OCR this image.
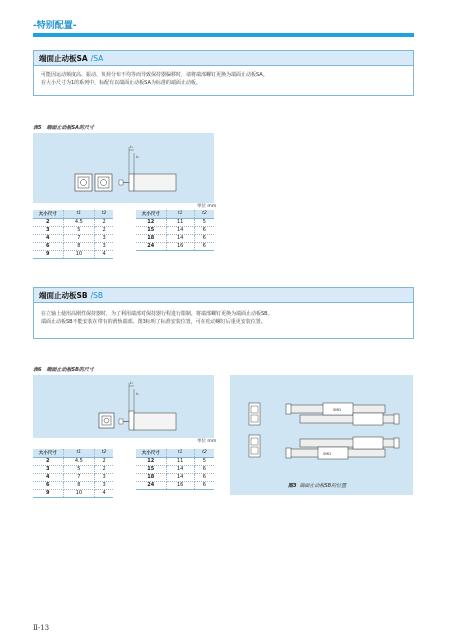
-特别配置-
端面止动板SA /SA
可能因运动频度高、振动、负荷分布不均等而导致保持器偏移时，请将端部螺钉更换为端面止动板SA。
在大小尺寸为1的系列中，标配有以端面止动板SA为标准的端面止动板。
表5　端面止动板SA的尺寸
t₁
t₂
单位 mm
大小尺寸	t1	t2
2	4.5	2
3	5	2
4	7	3
6	8	3
9	10	4
大小尺寸	t1	t2
12	11	5
15	14	6
18	14	6
24	16	6
端面止动板SB /SB
在立轴上使用高刚性保持器时，为了利用端部对保持器行程进行限制，将端部螺钉更换为端面止动板SB。
端面止动板SB不能安装在带有的滑轨端部。图3标明了标准安装位置，可在松动螺钉后重更安装位置。
表6　端面止动板SB的尺寸
t₁
t₂
单位 mm
大小尺寸	t1	t2
2	4.5	2
3	5	2
4	7	3
6	8	3
9	10	4
大小尺寸	t1	t2
12	11	5
15	14	6
18	14	6
24	16	6
SMD
SMD
图3 端面止动板SB的位置
Ⅱ-13
